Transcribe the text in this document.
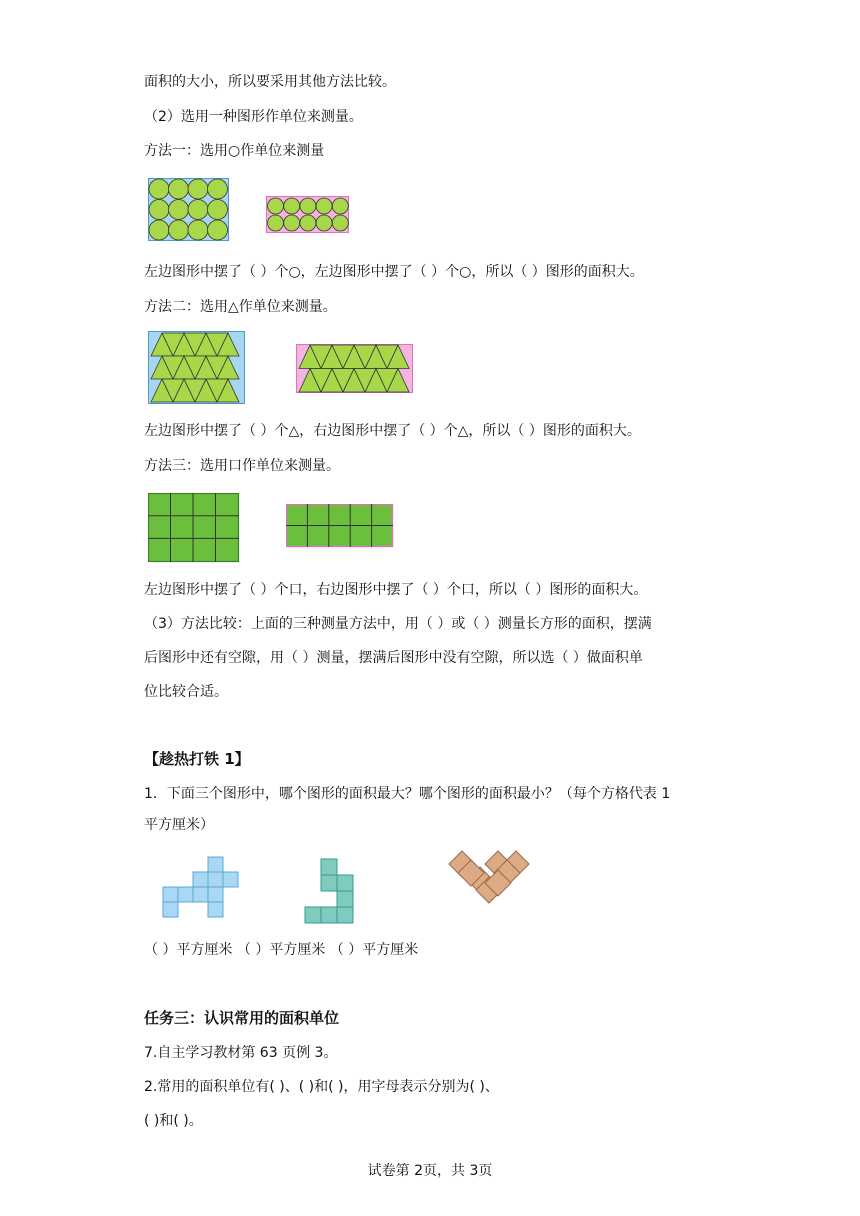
面积的大小，所以要采用其他方法比较。
（2）选用一种图形作单位来测量。
方法一：选用○作单位来测量
左边图形中摆了（ ）个○，左边图形中摆了（ ）个○，所以（ ）图形的面积大。
方法二：选用△作单位来测量。
左边图形中摆了（ ）个△，右边图形中摆了（ ）个△，所以（ ）图形的面积大。
方法三：选用口作单位来测量。
左边图形中摆了（ ）个口，右边图形中摆了（ ）个口，所以（ ）图形的面积大。
（3）方法比较：上面的三种测量方法中，用（ ）或（ ）测量长方形的面积，摆满
后图形中还有空隙，用（ ）测量，摆满后图形中没有空隙，所以选（ ）做面积单
位比较合适。
【趁热打铁 1】
1．下面三个图形中，哪个图形的面积最大？哪个图形的面积最小？（每个方格代表 1
平方厘米）
（ ）平方厘米 （ ）平方厘米 （ ）平方厘米
任务三：认识常用的面积单位
7.自主学习教材第 63 页例 3。
2.常用的面积单位有( )、( )和( )，用字母表示分别为( )、
( )和( )。
试卷第 2页，共 3页
